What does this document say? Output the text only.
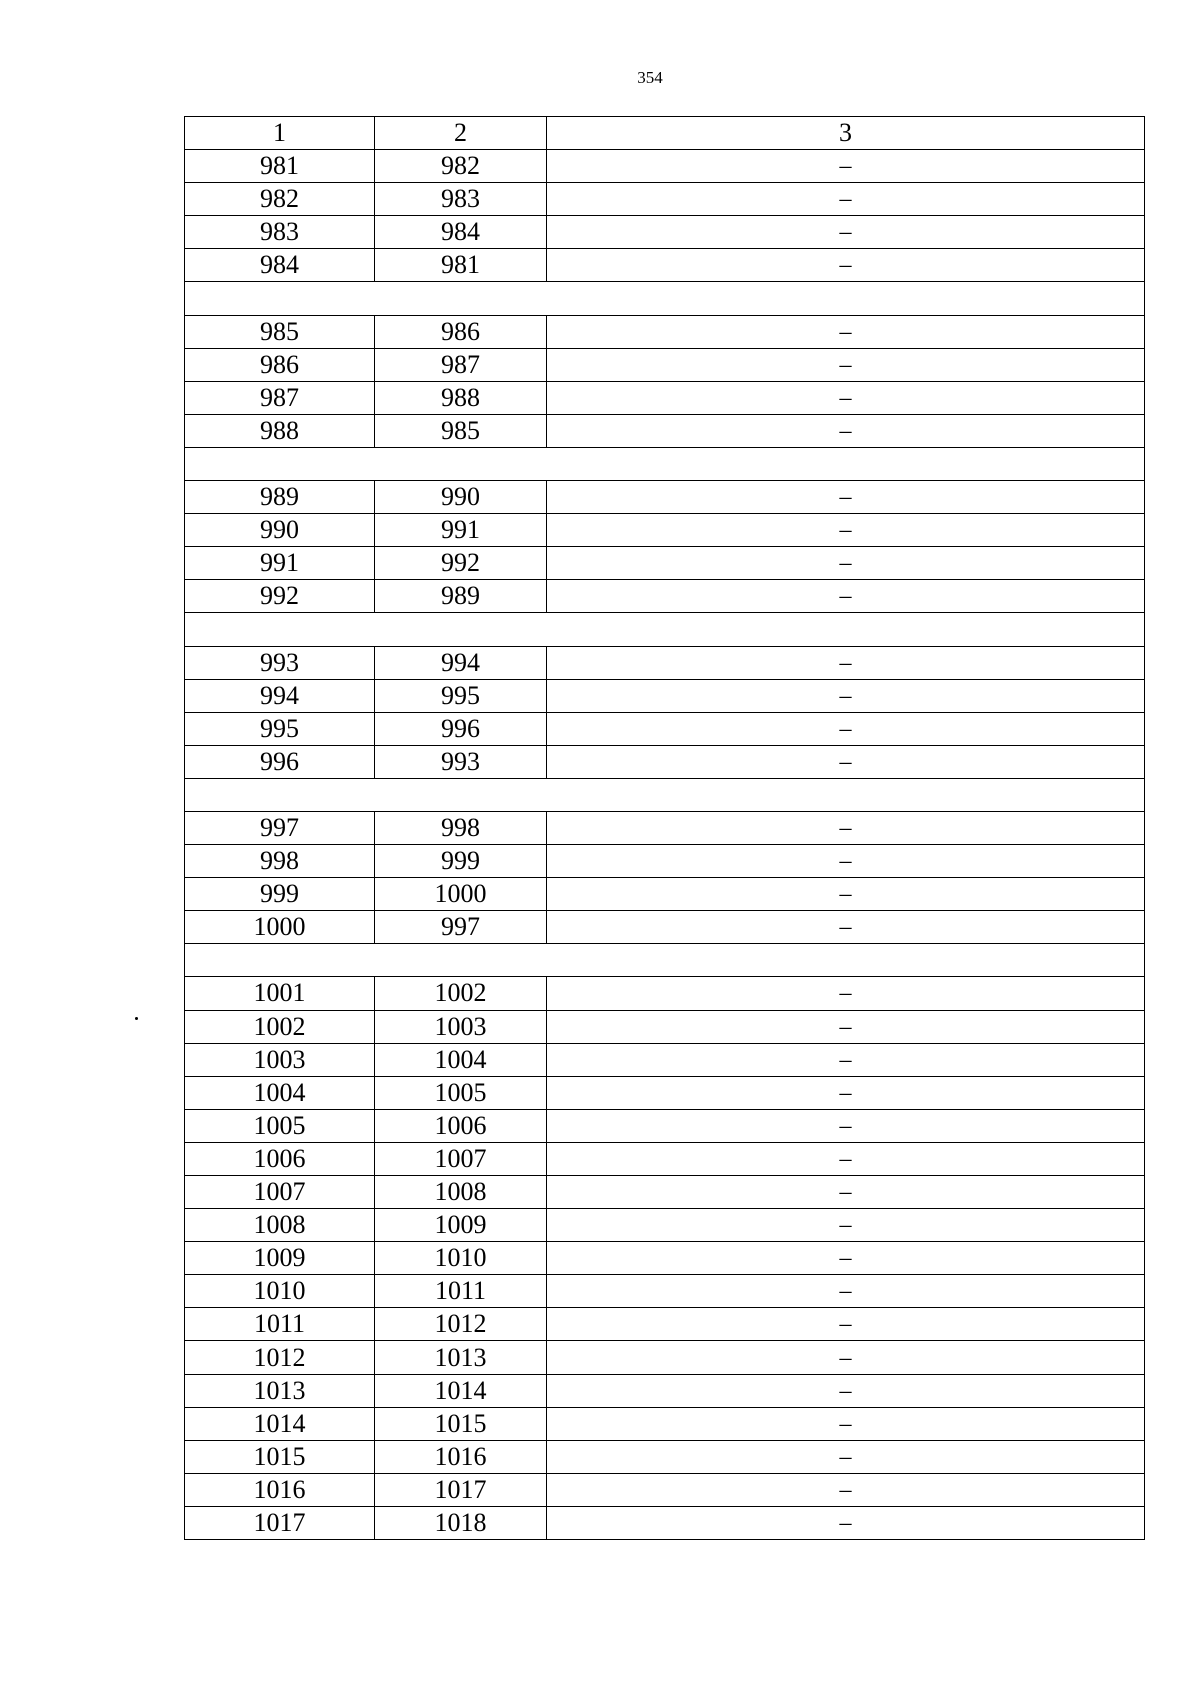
354
1	2	3
981	982	–
982	983	–
983	984	–
984	981	–

985	986	–
986	987	–
987	988	–
988	985	–

989	990	–
990	991	–
991	992	–
992	989	–

993	994	–
994	995	–
995	996	–
996	993	–

997	998	–
998	999	–
999	1000	–
1000	997	–

1001	1002	–
1002	1003	–
1003	1004	–
1004	1005	–
1005	1006	–
1006	1007	–
1007	1008	–
1008	1009	–
1009	1010	–
1010	1011	–
1011	1012	–
1012	1013	–
1013	1014	–
1014	1015	–
1015	1016	–
1016	1017	–
1017	1018	–
